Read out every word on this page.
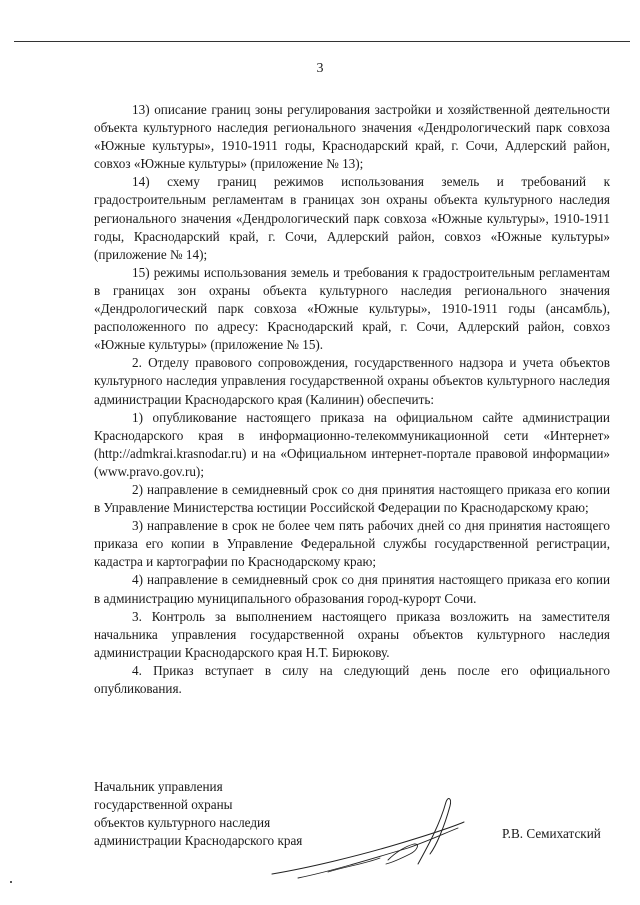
3

13) описание границ зоны регулирования застройки и хозяйственной деятельности объекта культурного наследия регионального значения «Дендрологический парк совхоза «Южные культуры», 1910-1911 годы, Краснодарский край, г. Сочи, Адлерский район, совхоз «Южные культуры» (приложение № 13);

14) схему границ режимов использования земель и требований к градостроительным регламентам в границах зон охраны объекта культурного наследия регионального значения «Дендрологический парк совхоза «Южные культуры», 1910-1911 годы, Краснодарский край, г. Сочи, Адлерский район, совхоз «Южные культуры» (приложение № 14);

15) режимы использования земель и требования к градостроительным регламентам в границах зон охраны объекта культурного наследия регионального значения «Дендрологический парк совхоза «Южные культуры», 1910-1911 годы (ансамбль), расположенного по адресу: Краснодарский край, г. Сочи, Адлерский район, совхоз «Южные культуры» (приложение № 15).

2. Отделу правового сопровождения, государственного надзора и учета объектов культурного наследия управления государственной охраны объектов культурного наследия администрации Краснодарского края (Калинин) обеспечить:

1) опубликование настоящего приказа на официальном сайте администрации Краснодарского края в информационно-телекоммуникационной сети «Интернет» (http://admkrai.krasnodar.ru) и на «Официальном интернет-портале правовой информации» (www.pravo.gov.ru);

2) направление в семидневный срок со дня принятия настоящего приказа его копии в Управление Министерства юстиции Российской Федерации по Краснодарскому краю;

3) направление в срок не более чем пять рабочих дней со дня принятия настоящего приказа его копии в Управление Федеральной службы государственной регистрации, кадастра и картографии по Краснодарскому краю;

4) направление в семидневный срок со дня принятия настоящего приказа его копии в администрацию муниципального образования город-курорт Сочи.

3. Контроль за выполнением настоящего приказа возложить на заместителя начальника управления государственной охраны объектов культурного наследия администрации Краснодарского края Н.Т. Бирюкову.

4. Приказ вступает в силу на следующий день после его официального опубликования.

Начальник управления
государственной охраны
объектов культурного наследия
администрации Краснодарского края	Р.В. Семихатский
